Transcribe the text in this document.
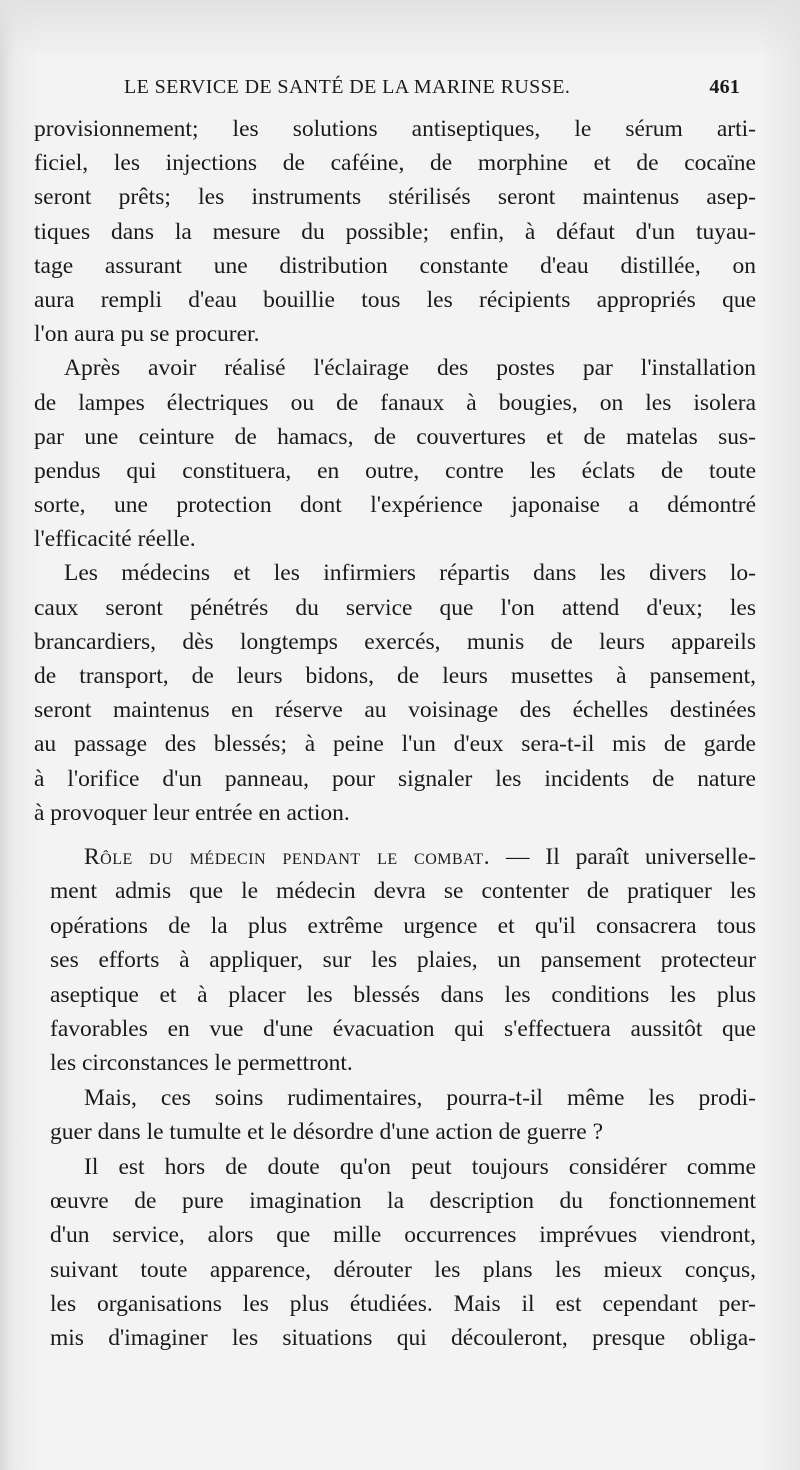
LE SERVICE DE SANTÉ DE LA MARINE RUSSE.	461
provisionnement; les solutions antiseptiques, le sérum arti-
ficiel, les injections de caféine, de morphine et de cocaïne
seront prêts; les instruments stérilisés seront maintenus asep-
tiques dans la mesure du possible; enfin, à défaut d'un tuyau-
tage assurant une distribution constante d'eau distillée, on
aura rempli d'eau bouillie tous les récipients appropriés que
l'on aura pu se procurer.
Après avoir réalisé l'éclairage des postes par l'installation
de lampes électriques ou de fanaux à bougies, on les isolera
par une ceinture de hamacs, de couvertures et de matelas sus-
pendus qui constituera, en outre, contre les éclats de toute
sorte, une protection dont l'expérience japonaise a démontré
l'efficacité réelle.
Les médecins et les infirmiers répartis dans les divers lo-
caux seront pénétrés du service que l'on attend d'eux; les
brancardiers, dès longtemps exercés, munis de leurs appareils
de transport, de leurs bidons, de leurs musettes à pansement,
seront maintenus en réserve au voisinage des échelles destinées
au passage des blessés; à peine l'un d'eux sera-t-il mis de garde
à l'orifice d'un panneau, pour signaler les incidents de nature
à provoquer leur entrée en action.
Rôle du médecin pendant le combat. — Il paraît universelle-
ment admis que le médecin devra se contenter de pratiquer les
opérations de la plus extrême urgence et qu'il consacrera tous
ses efforts à appliquer, sur les plaies, un pansement protecteur
aseptique et à placer les blessés dans les conditions les plus
favorables en vue d'une évacuation qui s'effectuera aussitôt que
les circonstances le permettront.
Mais, ces soins rudimentaires, pourra-t-il même les prodi-
guer dans le tumulte et le désordre d'une action de guerre ?
Il est hors de doute qu'on peut toujours considérer comme
œuvre de pure imagination la description du fonctionnement
d'un service, alors que mille occurrences imprévues viendront,
suivant toute apparence, dérouter les plans les mieux conçus,
les organisations les plus étudiées. Mais il est cependant per-
mis d'imaginer les situations qui découleront, presque obliga-
